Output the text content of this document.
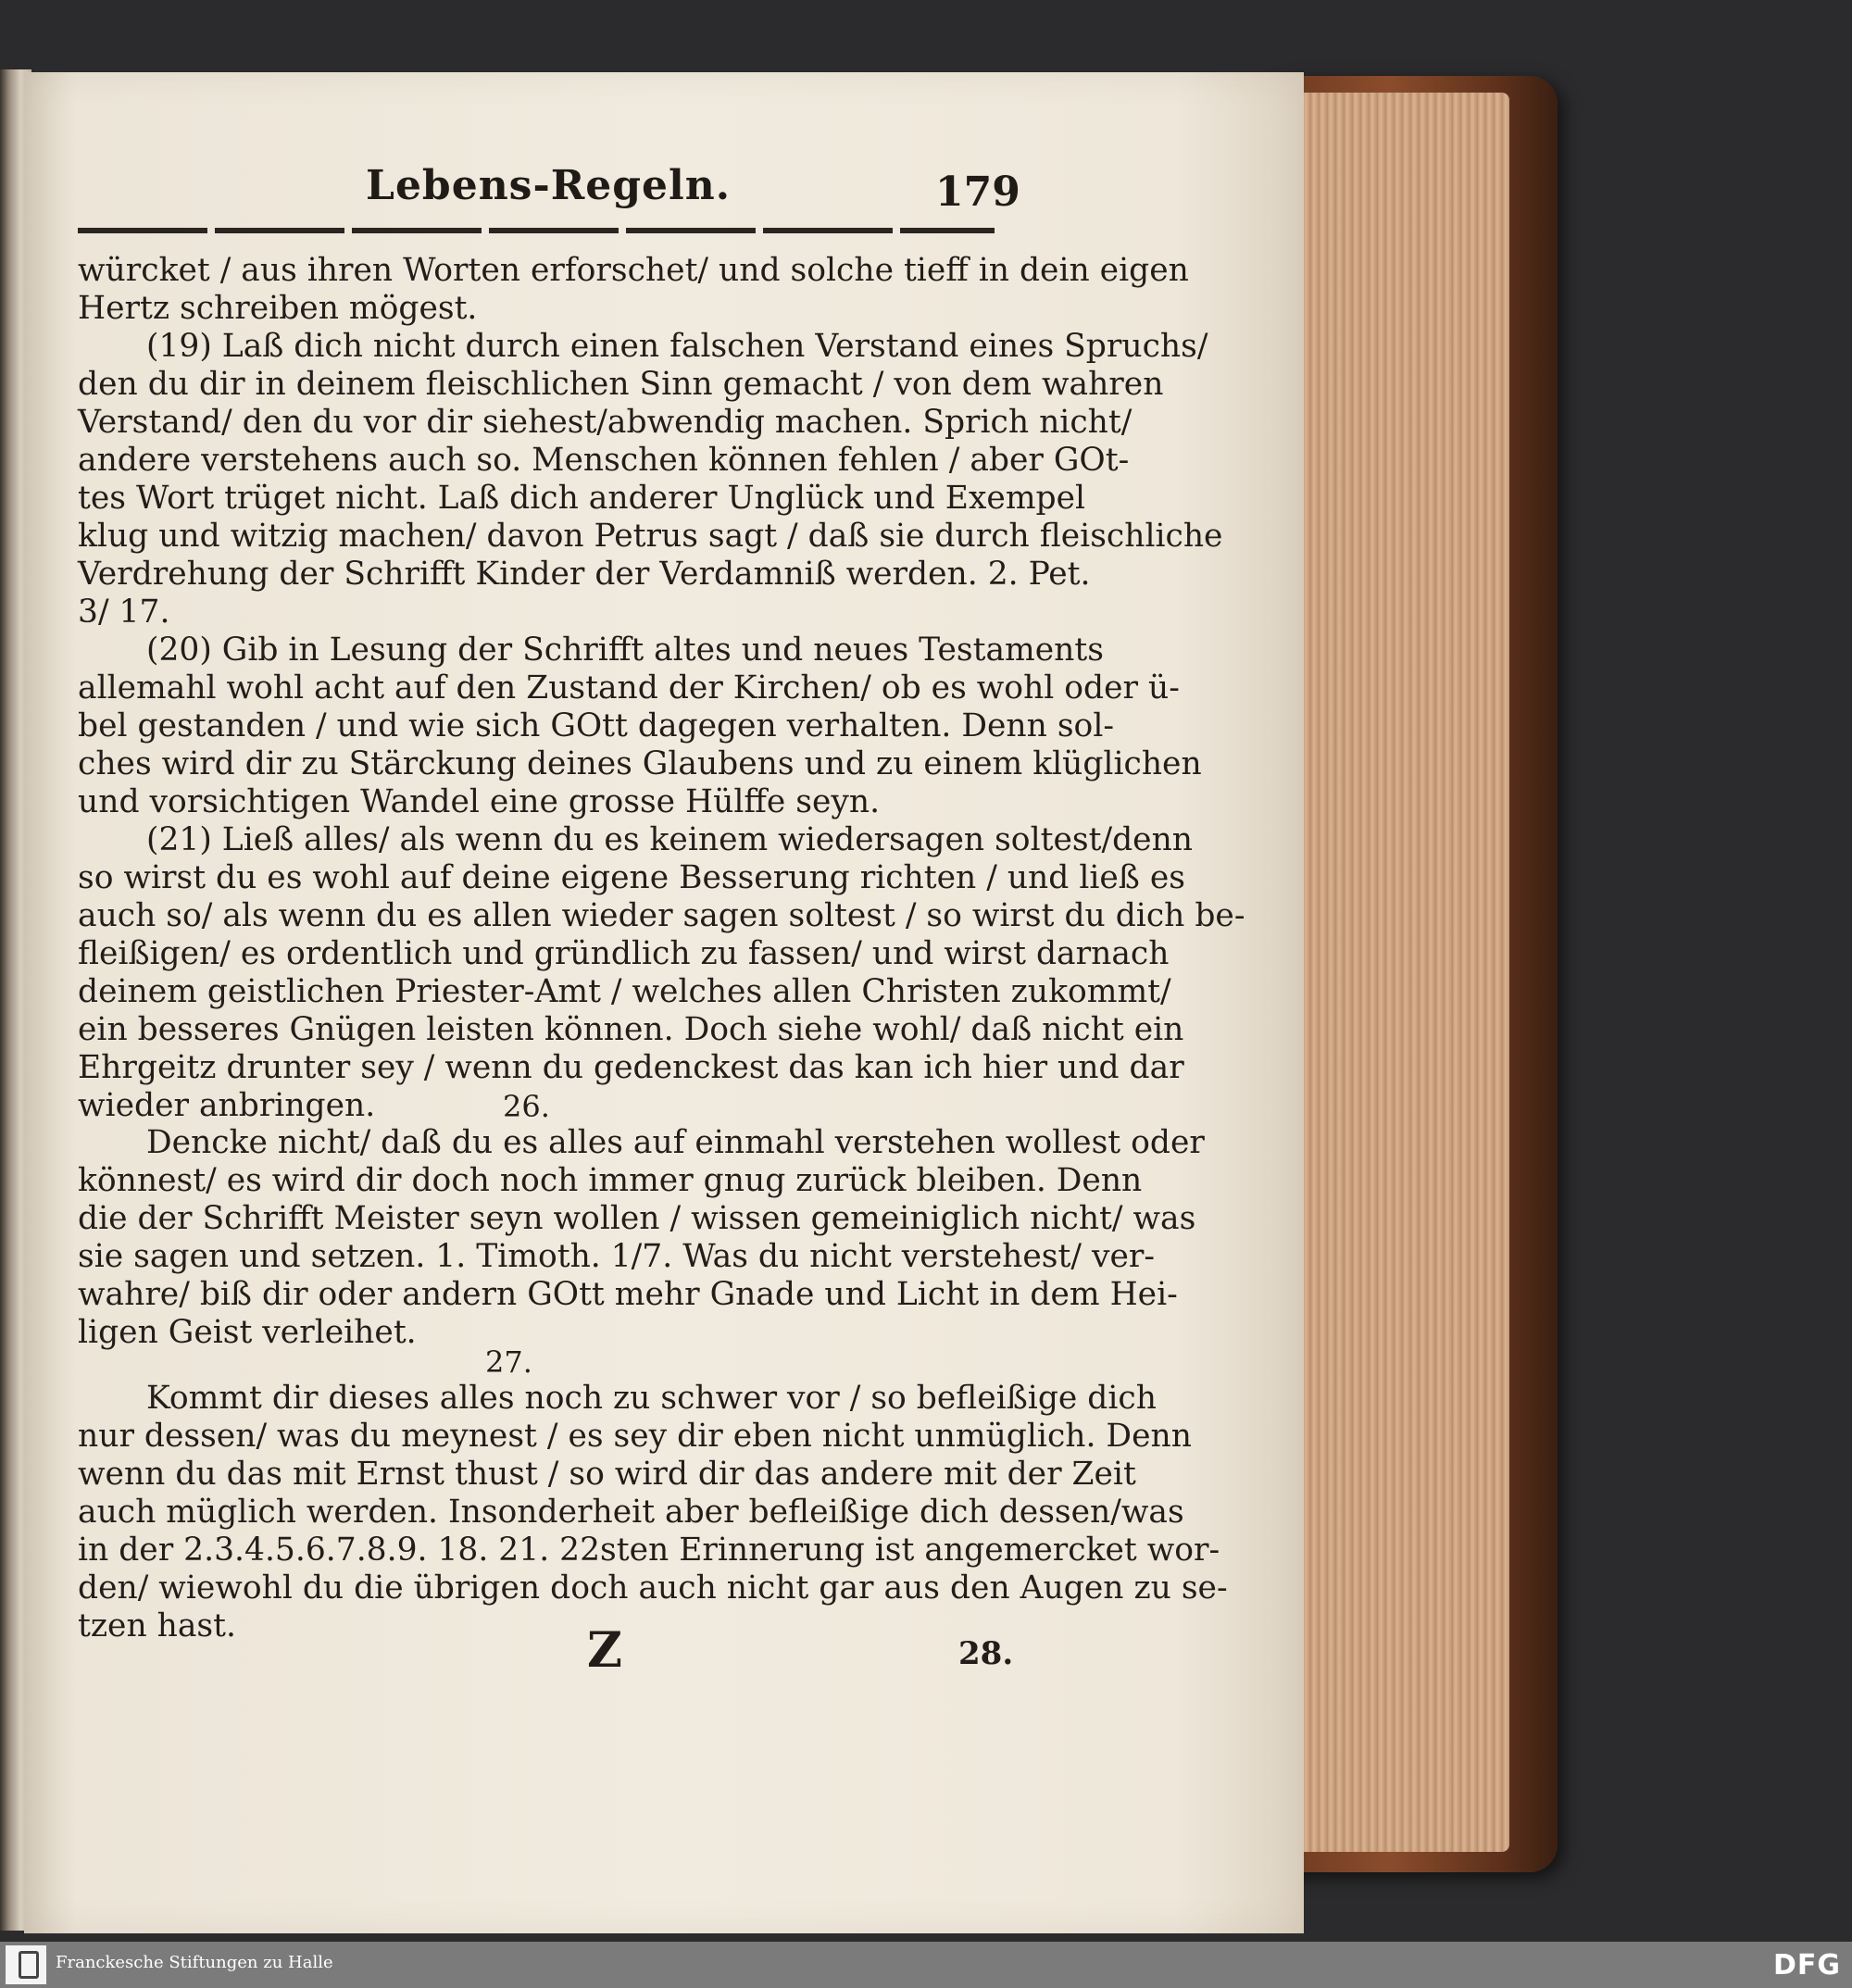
Lebens-Regeln.	179

würcket / aus ihren Worten erforschet/ und solche tieff in dein eigen

Hertz schreiben mögest.

(19) Laß dich nicht durch einen falschen Verstand eines Spruchs/

den du dir in deinem fleischlichen Sinn gemacht / von dem wahren

Verstand/ den du vor dir siehest/abwendig machen. Sprich nicht/

andere verstehens auch so. Menschen können fehlen / aber GOt-

tes Wort trüget nicht. Laß dich anderer Unglück und Exempel

klug und witzig machen/ davon Petrus sagt / daß sie durch fleischliche

Verdrehung der Schrifft Kinder der Verdamniß werden. 2. Pet.

3/ 17.

(20) Gib in Lesung der Schrifft altes und neues Testaments

allemahl wohl acht auf den Zustand der Kirchen/ ob es wohl oder ü-

bel gestanden / und wie sich GOtt dagegen verhalten. Denn sol-

ches wird dir zu Stärckung deines Glaubens und zu einem klüglichen

und vorsichtigen Wandel eine grosse Hülffe seyn.

(21) Ließ alles/ als wenn du es keinem wiedersagen soltest/denn

so wirst du es wohl auf deine eigene Besserung richten / und ließ es

auch so/ als wenn du es allen wieder sagen soltest / so wirst du dich be-

fleißigen/ es ordentlich und gründlich zu fassen/ und wirst darnach

deinem geistlichen Priester-Amt / welches allen Christen zukommt/

ein besseres Gnügen leisten können. Doch siehe wohl/ daß nicht ein

Ehrgeitz drunter sey / wenn du gedenckest das kan ich hier und dar

wieder anbringen.	26.

Dencke nicht/ daß du es alles auf einmahl verstehen wollest oder

könnest/ es wird dir doch noch immer gnug zurück bleiben. Denn

die der Schrifft Meister seyn wollen / wissen gemeiniglich nicht/ was

sie sagen und setzen. 1. Timoth. 1/7. Was du nicht verstehest/ ver-

wahre/ biß dir oder andern GOtt mehr Gnade und Licht in dem Hei-

ligen Geist verleihet.

27.

Kommt dir dieses alles noch zu schwer vor / so befleißige dich

nur dessen/ was du meynest / es sey dir eben nicht unmüglich. Denn

wenn du das mit Ernst thust / so wird dir das andere mit der Zeit

auch müglich werden. Insonderheit aber befleißige dich dessen/was

in der 2.3.4.5.6.7.8.9. 18. 21. 22sten Erinnerung ist angemercket wor-

den/ wiewohl du die übrigen doch auch nicht gar aus den Augen zu se-

tzen hast.	Z	28.
Franckesche Stiftungen zu Halle	DFG
